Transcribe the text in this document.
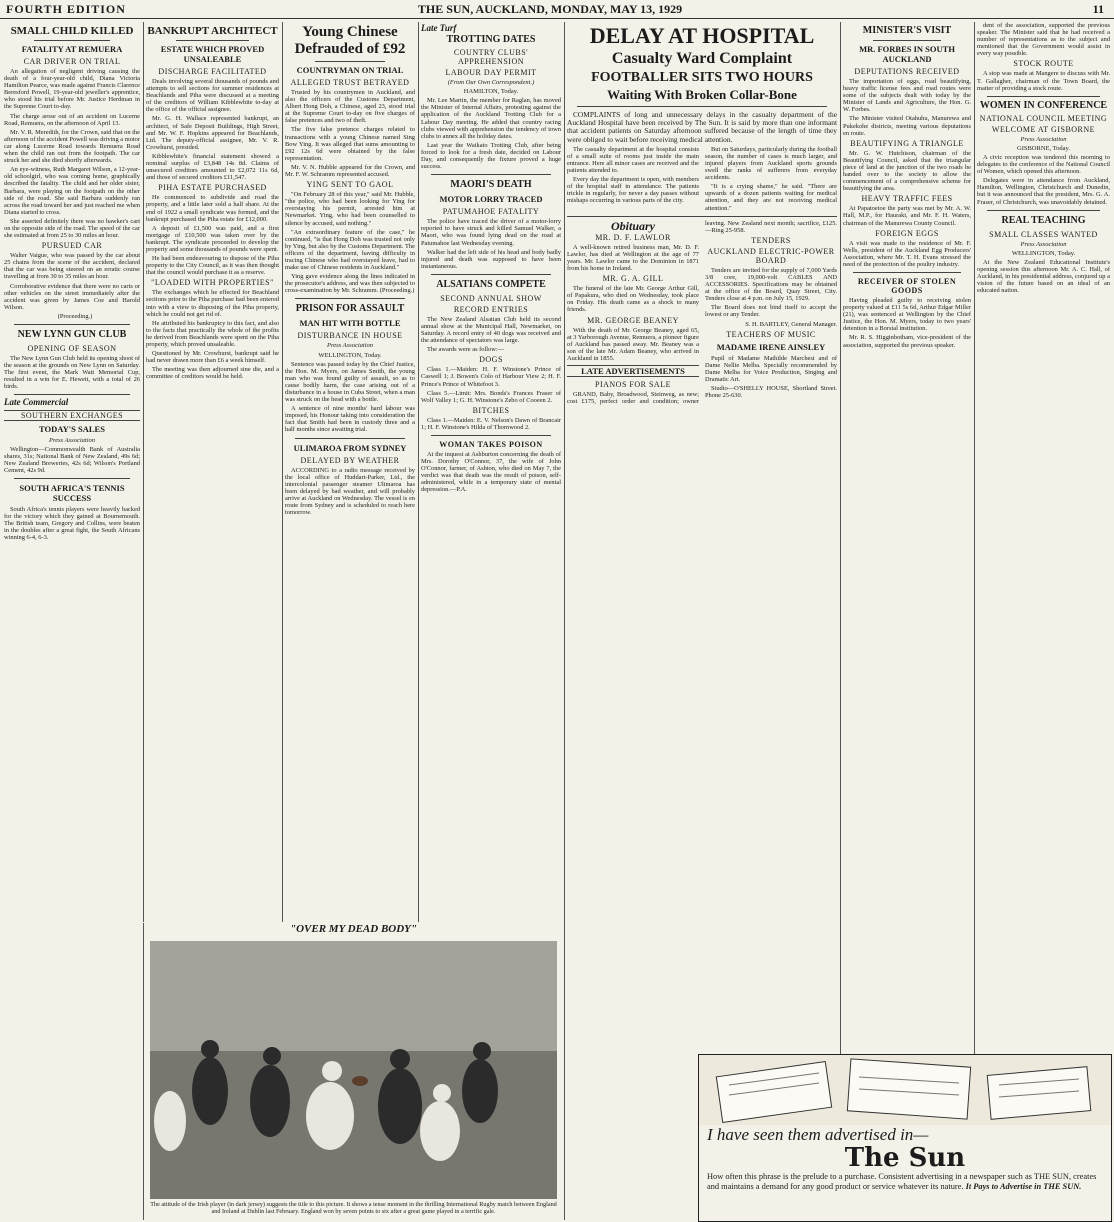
FOURTH EDITION	THE SUN, AUCKLAND, MONDAY, MAY 13, 1929	11
SMALL CHILD KILLED
FATALITY AT REMUERA
CAR DRIVER ON TRIAL

An allegation of negligent driving causing the death of a four-year-old child, Diana Victoria Hamilton Pearce, was made against Francis Clarence Beresford Powell, 19-year-old jeweller's apprentice, who stood his trial before Mr. Justice Herdman in the Supreme Court to-day.

The charge arose out of an accident on Lucerne Road, Remuera, on the afternoon of April 13.

Mr. V. R. Meredith, for the Crown, said that on the afternoon of the accident Powell was driving a motor car along Lucerne Road towards Remuera Road when the child ran out from the footpath. The car struck her and she died shortly afterwards.

An eye-witness, Ruth Margaret Wilson, a 12-year-old schoolgirl, who was coming home, graphically described the fatality. The child and her older sister, Barbara, were playing on the footpath on the other side of the road. She said Barbara suddenly ran across the road toward her and just reached me when Diana started to cross.

She asserted definitely there was no hawker's cart on the opposite side of the road. The speed of the car she estimated at from 25 to 30 miles an hour.

PURSUED CAR

Walter Vaigue, who was passed by the car about 25 chains from the scene of the accident, declared that the car was being steered on an erratic course travelling at from 30 to 35 miles an hour.

Corroborative evidence that there were no carts or other vehicles on the street immediately after the accident was given by James Coe and Harold Wilson.

(Proceeding.)

NEW LYNN GUN CLUB
OPENING OF SEASON

The New Lynn Gun Club held its opening shoot of the season at the grounds on New Lynn on Saturday. The first event, the Mark Watt Memorial Cup, resulted in a win for E. Hewett, with a total of 26 birds.

Late Commercial
SOUTHERN EXCHANGES
TODAY'S SALES
Press Association

Wellington—Commonwealth Bank of Australia shares, 31s; National Bank of New Zealand, 49s 6d; New Zealand Breweries, 42s 6d; Wilson's Portland Cement, 42s 9d.

SOUTH AFRICA'S TENNIS SUCCESS

South Africa's tennis players were heavily backed for the victory which they gained at Bournemouth. The British team, Gregory and Collins, were beaten in the doubles after a great fight, the South Africans winning 6-4, 6-3.

BANKRUPT ARCHITECT
ESTATE WHICH PROVED UNSALEABLE
DISCHARGE FACILITATED

Deals involving several thousands of pounds and attempts to sell sections for summer residences at Beachlands and Piha were discussed at a meeting of the creditors of William Kibblewhite to-day at the office of the official assignee.

Mr. G. H. Wallace represented bankrupt, an architect, of Safe Deposit Buildings, High Street, and Mr. W. F. Hopkins appeared for Beachlands, Ltd. The deputy-official assignee, Mr. V. R. Crowhurst, presided.

Kibblewhite's financial statement showed a nominal surplus of £3,848 14s 8d. Claims of unsecured creditors amounted to £2,072 11s 6d, and those of secured creditors £11,547.

PIHA ESTATE PURCHASED

He commenced to subdivide and road the property, and a little later sold a half share. At the end of 1922 a small syndicate was formed, and the bankrupt purchased the Piha estate for £12,000.

A deposit of £1,500 was paid, and a first mortgage of £10,500 was taken over by the bankrupt. The syndicate proceeded to develop the property and some thousands of pounds were spent.

He had been endeavouring to dispose of the Piha property to the City Council, as it was then thought that the council would purchase it as a reserve.

"LOADED WITH PROPERTIES"

The exchanges which he effected for Beachland sections prior to the Piha purchase had been entered into with a view to disposing of the Piha property, which he could not get rid of.

He attributed his bankruptcy to this fact, and also to the facts that practically the whole of the profits he derived from Beachlands were spent on the Piha property, which proved unsaleable.

Questioned by Mr. Crowhurst, bankrupt said he had never drawn more than £6 a week himself.

The meeting was then adjourned sine die, and a committee of creditors would be held.

Young Chinese Defrauded of £92
COUNTRYMAN ON TRIAL
ALLEGED TRUST BETRAYED

Trusted by his countrymen in Auckland, and also the officers of the Customs Department, Albert Hong Doh, a Chinese, aged 23, stood trial at the Supreme Court to-day on five charges of false pretences and two of theft.

The five false pretence charges related to transactions with a young Chinese named Sing Bow Ying. It was alleged that sums amounting to £92 12s 6d were obtained by the false representation.

Mr. V. N. Hubble appeared for the Crown, and Mr. F. W. Schramm represented accused.

YING SENT TO GAOL

"On February 28 of this year," said Mr. Hubble, "the police, who had been looking for Ying for overstaying his permit, arrested him at Newmarket. Ying, who had been counselled to silence by accused, said nothing."

"An extraordinary feature of the case," he continued, "is that Hong Doh was trusted not only by Ying, but also by the Customs Department. The officers of the department, having difficulty in tracing Chinese who had overstayed leave, had to make use of Chinese residents in Auckland."

Ying gave evidence along the lines indicated in the prosecutor's address, and was then subjected to cross-examination by Mr. Schramm. (Proceeding.)

PRISON FOR ASSAULT
MAN HIT WITH BOTTLE
DISTURBANCE IN HOUSE
Press Association
WELLINGTON, Today.

Sentence was passed today by the Chief Justice, the Hon. M. Myers, on James Smith, the young man who was found guilty of assault, so as to cause bodily harm, the case arising out of a disturbance in a house in Cuba Street, when a man was struck on the head with a bottle.

A sentence of nine months' hard labour was imposed, his Honour taking into consideration the fact that Smith had been in custody three and a half months since awaiting trial.

ULIMAROA FROM SYDNEY
DELAYED BY WEATHER

ACCORDING to a radio message received by the local office of Huddart-Parker, Ltd., the intercolonial passenger steamer Ulimaroa has been delayed by bad weather, and will probably arrive at Auckland on Wednesday. The vessel is en route from Sydney and is scheduled to reach here tomorrow.

Late Turf
TROTTING DATES
COUNTRY CLUBS' APPREHENSION
LABOUR DAY PERMIT
(From Our Own Correspondent.)
HAMILTON, Today.

Mr. Lee Martin, the member for Raglan, has moved the Minister of Internal Affairs, protesting against the application of the Auckland Trotting Club for a Labour Day meeting. He added that country racing clubs viewed with apprehension the tendency of town clubs to annex all the holiday dates.

Last year the Waikato Trotting Club, after being forced to look for a fresh date, decided on Labour Day, and consequently the fixture proved a huge success.

MAORI'S DEATH
MOTOR LORRY TRACED
PATUMAHOE FATALITY

The police have traced the driver of a motor-lorry reported to have struck and killed Samuel Walker, a Maori, who was found lying dead on the road at Patumahoe last Wednesday evening.

Walker had the left side of his head and body badly injured and death was supposed to have been instantaneous.

ALSATIANS COMPETE
SECOND ANNUAL SHOW
RECORD ENTRIES

The New Zealand Alsatian Club held its second annual show at the Municipal Hall, Newmarket, on Saturday. A record entry of 40 dogs was received and the attendance of spectators was large.

The awards were as follow:—

DOGS

Class 1.—Maiden: H. F. Winstone's Prince of Caswell 1; J. Bowen's Colo of Harbour View 2; H. F. Prince's Prince of Whitefoot 3.

Class 5.—Limit: Mrs. Bonds's Frances Fraser of Wolf Valley 1; G. H. Winstone's Zebo of Cooeen 2.

BITCHES

Class 1.—Maiden: E. V. Nelson's Dawn of Brancair 1; H. F. Winstone's Hilda of Thornwood 2.

WOMAN TAKES POISON

At the inquest at Ashburton concerning the death of Mrs. Dorothy O'Connor, 37, the wife of John O'Connor, farmer, of Ashton, who died on May 7, the verdict was that death was the result of poison, self-administered, while in a temporary state of mental depression.—P.A.

DELAY AT HOSPITAL
Casualty Ward Complaint
FOOTBALLER SITS TWO HOURS
Waiting With Broken Collar-Bone

COMPLAINTS of long and unnecessary delays in the casualty department of the Auckland Hospital have been received by The Sun. It is said by more than one informant that accident patients on Saturday afternoon suffered because of the length of time they were obliged to wait before receiving medical attention.

The casualty department at the hospital consists of a small suite of rooms just inside the main entrance. Here all minor cases are received and the patients attended to.

Every day the department is open, with members of the hospital staff in attendance. The patients trickle in regularly, for never a day passes without mishaps occurring in various parts of the city.

But on Saturdays, particularly during the football season, the number of cases is much larger, and injured players from Auckland sports grounds swell the ranks of sufferers from everyday accidents.

"It is a crying shame," he said. "There are upwards of a dozen patients waiting for medical attention, and they are not receiving medical attention."

Obituary
MR. D. F. LAWLOR

A well-known retired business man, Mr. D. F. Lawlor, has died at Wellington at the age of 77 years. Mr. Lawlor came to the Dominion in 1871 from his home in Ireland.

MR. G. A. GILL

The funeral of the late Mr. George Arthur Gill, of Papakura, who died on Wednesday, took place on Friday. His death came as a shock to many friends.

MR. GEORGE BEANEY

With the death of Mr. George Beaney, aged 65, at 3 Yarborough Avenue, Remuera, a pioneer figure of Auckland has passed away. Mr. Beaney was a son of the late Mr. Adam Beaney, who arrived in Auckland in 1855.

LATE ADVERTISEMENTS
PIANOS FOR SALE

GRAND, Baby, Broadwood, Steinweg, as new; cost £175, perfect order and condition; owner leaving. New Zealand next month; sacrifice, £125.—Ring 25-958.

TENDERS
AUCKLAND ELECTRIC-POWER BOARD

Tenders are invited for the supply of 7,000 Yards 3/8 core, 19,000-volt CABLES AND ACCESSORIES. Specifications may be obtained at the office of the Board, Quay Street, City. Tenders close at 4 p.m. on July 15, 1929.

The Board does not bind itself to accept the lowest or any Tender.

S. H. BARTLEY, General Manager.

TEACHERS OF MUSIC
MADAME IRENE AINSLEY

Pupil of Madame Mathilde Marchesi and of Dame Nellie Melba. Specially recommended by Dame Melba for Voice Production, Singing and Dramatic Art.

Studio—O'SHELLY HOUSE, Shortland Street. Phone 25-630.

MINISTER'S VISIT
MR. FORBES IN SOUTH AUCKLAND
DEPUTATIONS RECEIVED

The importation of eggs, road beautifying, heavy traffic license fees and road routes were some of the subjects dealt with today by the Minister of Lands and Agriculture, the Hon. G. W. Forbes.

The Minister visited Otahuhu, Manurewa and Pukekohe districts, meeting various deputations en route.

BEAUTIFYING A TRIANGLE

Mr. G. W. Hutchison, chairman of the Beautifying Council, asked that the triangular piece of land at the junction of the two roads be handed over to the society to allow the commencement of a comprehensive scheme for beautifying the area.

HEAVY TRAFFIC FEES

At Papatoetoe the party was met by Mr. A. W. Hall, M.P., for Hauraki, and Mr. F. H. Waters, chairman of the Manurewa County Council.

FOREIGN EGGS

A visit was made to the residence of Mr. F. Wells, president of the Auckland Egg Producers' Association, where Mr. T. H. Evans stressed the need of the protection of the poultry industry.

RECEIVER OF STOLEN GOODS

Having pleaded guilty to receiving stolen property valued at £11 5s 6d, Arthur Edgar Miller (21), was sentenced at Wellington by the Chief Justice, the Hon. M. Myers, today to two years' detention in a Borstal institution.

Mr. R. S. Higginbotham, vice-president of the association, supported the previous speaker.

dent of the association, supported the previous speaker. The Minister said that he had received a number of representations as to the subject and mentioned that the Government would assist in every way possible.

STOCK ROUTE

A stop was made at Mangere to discuss with Mr. T. Gallagher, chairman of the Town Board, the matter of providing a stock route.

WOMEN IN CONFERENCE
NATIONAL COUNCIL MEETING
WELCOME AT GISBORNE
Press Association
GISBORNE, Today.

A civic reception was tendered this morning to delegates to the conference of the National Council of Women, which opened this afternoon.

Delegates were in attendance from Auckland, Hamilton, Wellington, Christchurch and Dunedin, but it was announced that the president, Mrs. G. A. Fraser, of Christchurch, was unavoidably detained.

REAL TEACHING
SMALL CLASSES WANTED
Press Association
WELLINGTON, Today.

At the New Zealand Educational Institute's opening session this afternoon Mr. A. C. Hall, of Auckland, in his presidential address, conjured up a vision of the future based on an ideal of an educated nation.

"OVER MY DEAD BODY"
The attitude of the Irish player (in dark jersey) suggests the title to this picture. It shows a tense moment in the thrilling International Rugby match between England and Ireland at Dublin last February. England won by seven points to six after a great game played in a terrific gale.
I have seen them advertised in—
The Sun
How often this phrase is the prelude to a purchase. Consistent advertising in a newspaper such as THE SUN, creates and maintains a demand for any good product or service whatever its nature. It Pays to Advertise in THE SUN.
